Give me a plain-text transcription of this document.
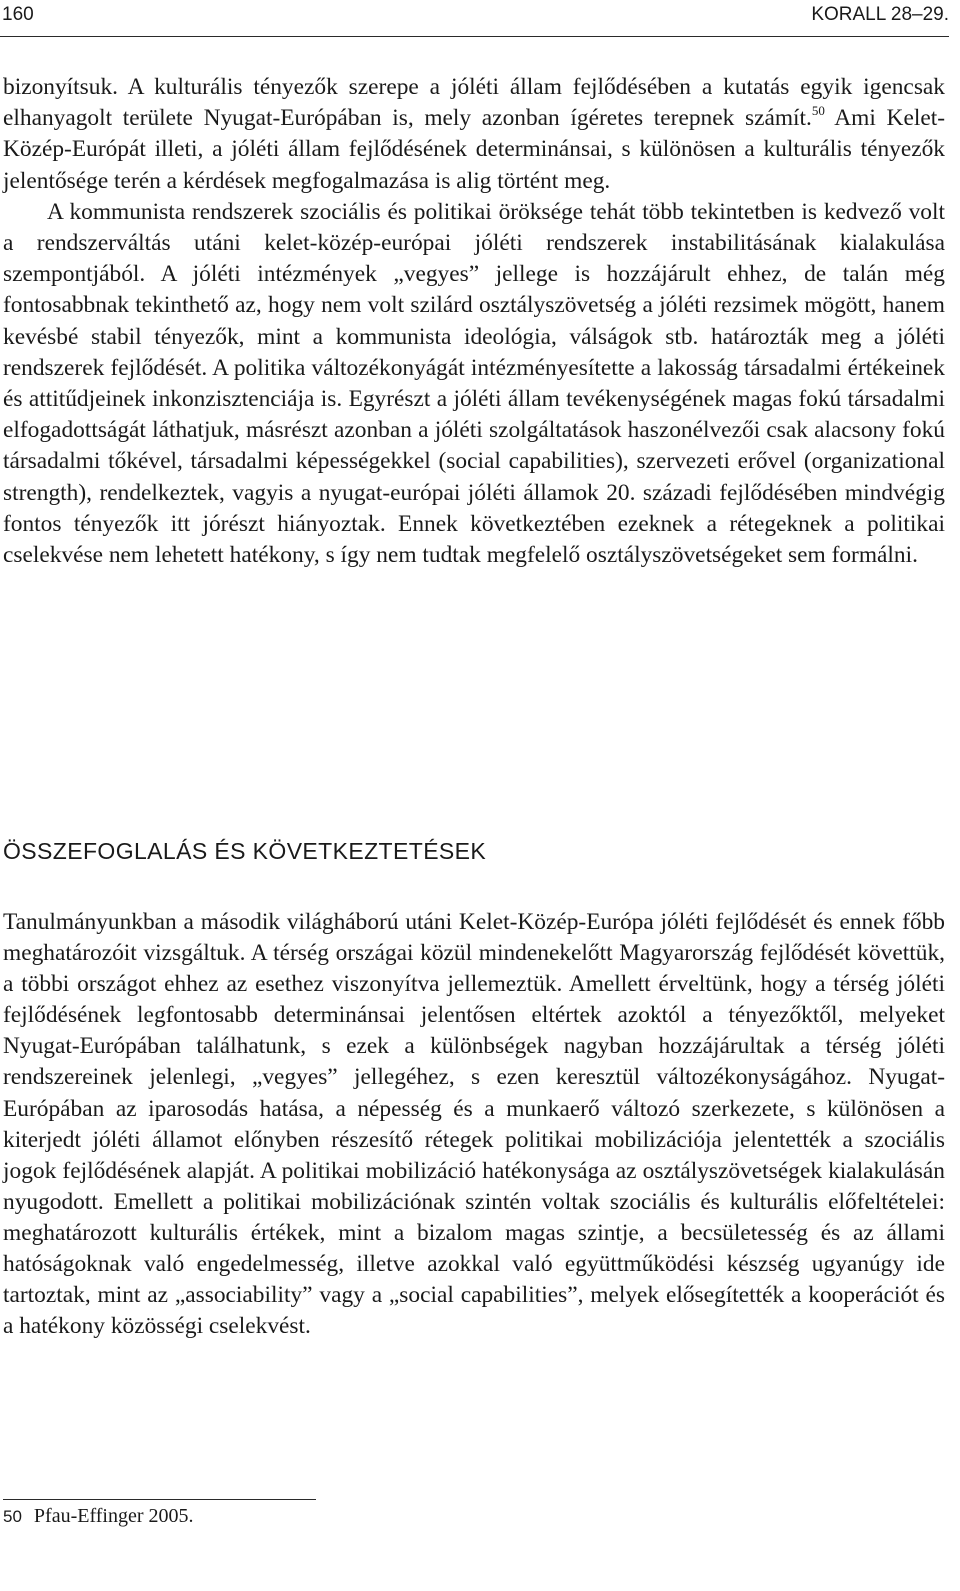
160	KORALL 28–29.

bizonyítsuk. A kulturális tényezők szerepe a jóléti állam fejlődésében a kutatás egyik igencsak elhanyagolt területe Nyugat-Európában is, mely azonban ígéretes terepnek számít.$^{50}$ Ami Kelet-Közép-Európát illeti, a jóléti állam fejlődésének determinánsai, s különösen a kulturális tényezők jelentősége terén a kérdések megfogalmazása is alig történt meg.

A kommunista rendszerek szociális és politikai öröksége tehát több tekintetben is kedvező volt a rendszerváltás utáni kelet-közép-európai jóléti rendszerek instabilitásának kialakulása szempontjából. A jóléti intézmények „vegyes” jellege is hozzájárult ehhez, de talán még fontosabbnak tekinthető az, hogy nem volt szilárd osztályszövetség a jóléti rezsimek mögött, hanem kevésbé stabil tényezők, mint a kommunista ideológia, válságok stb. határozták meg a jóléti rendszerek fejlődését. A politika változékonyágát intézményesítette a lakosság társadalmi értékeinek és attitűdjeinek inkonzisztenciája is. Egyrészt a jóléti állam tevékenységének magas fokú társadalmi elfogadottságát láthatjuk, másrészt azonban a jóléti szolgáltatások haszonélvezői csak alacsony fokú társadalmi tőkével, társadalmi képességekkel (social capabilities), szervezeti erővel (organizational strength), rendelkeztek, vagyis a nyugat-európai jóléti államok 20. századi fejlődésében mindvégig fontos tényezők itt jórészt hiányoztak. Ennek következtében ezeknek a rétegeknek a politikai cselekvése nem lehetett hatékony, s így nem tudtak megfelelő osztályszövetségeket sem formálni.

ÖSSZEFOGLALÁS ÉS KÖVETKEZTETÉSEK

Tanulmányunkban a második világháború utáni Kelet-Közép-Európa jóléti fejlődését és ennek főbb meghatározóit vizsgáltuk. A térség országai közül mindenekelőtt Magyarország fejlődését követtük, a többi országot ehhez az esethez viszonyítva jellemeztük. Amellett érveltünk, hogy a térség jóléti fejlődésének legfontosabb determinánsai jelentősen eltértek azoktól a tényezőktől, melyeket Nyugat-Európában találhatunk, s ezek a különbségek nagyban hozzájárultak a térség jóléti rendszereinek jelenlegi, „vegyes” jellegéhez, s ezen keresztül változékonyságához. Nyugat-Európában az iparosodás hatása, a népesség és a munkaerő változó szerkezete, s különösen a kiterjedt jóléti államot előnyben részesítő rétegek politikai mobilizációja jelentették a szociális jogok fejlődésének alapját. A politikai mobilizáció hatékonysága az osztályszövetségek kialakulásán nyugodott. Emellett a politikai mobilizációnak szintén voltak szociális és kulturális előfeltételei: meghatározott kulturális értékek, mint a bizalom magas szintje, a becsületesség és az állami hatóságoknak való engedelmesség, illetve azokkal való együttműködési készség ugyanúgy ide tartoztak, mint az „associability” vagy a „social capabilities”, melyek elősegítették a kooperációt és a hatékony közösségi cselekvést.

50 Pfau-Effinger 2005.
